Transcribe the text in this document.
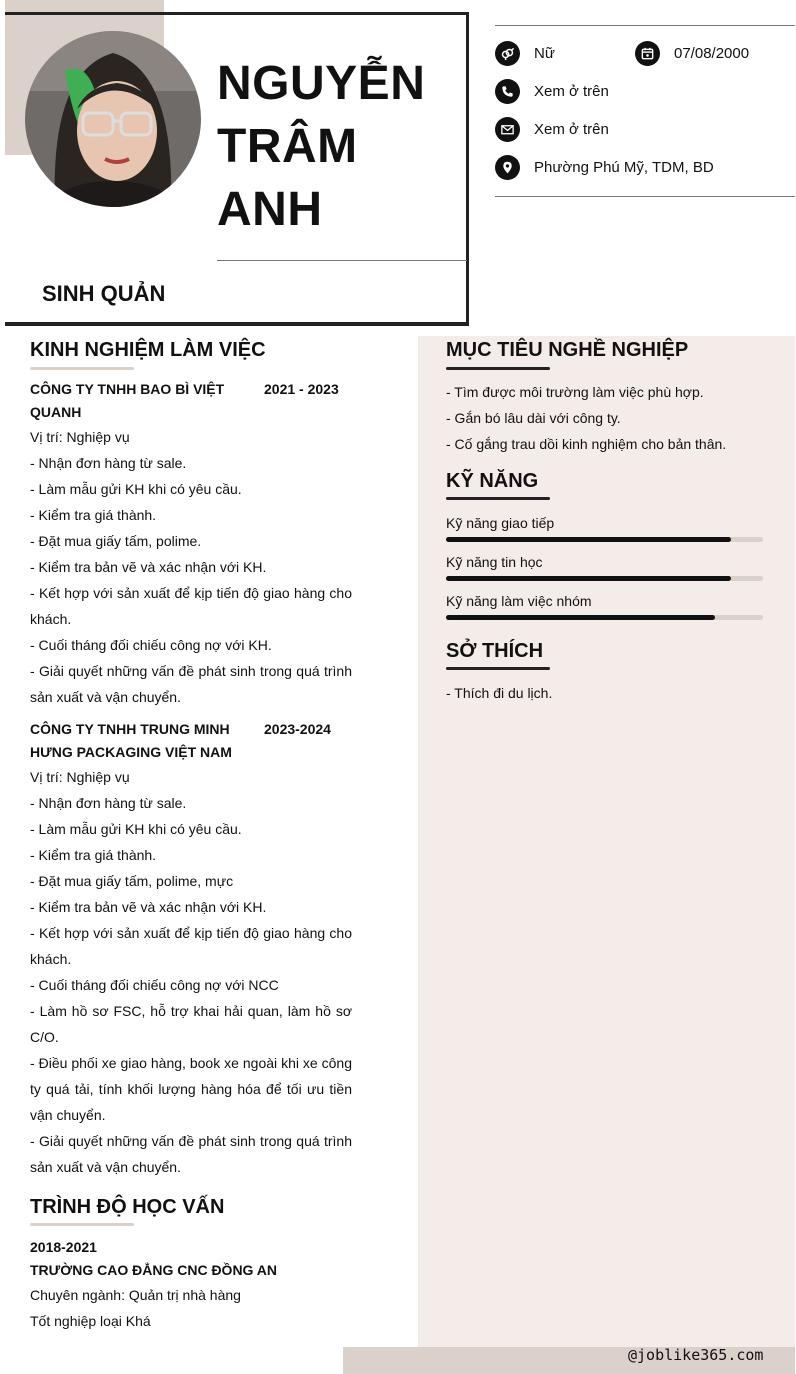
NGUYỄN TRÂM ANH
SINH QUẢN
Nữ	07/08/2000
Xem ở trên
Xem ở trên
Phường Phú Mỹ, TDM, BD
KINH NGHIỆM LÀM VIỆC
CÔNG TY TNHH BAO BÌ VIỆT QUANH
2021 - 2023
Vị trí: Nghiệp vụ
- Nhận đơn hàng từ sale.
- Làm mẫu gửi KH khi có yêu cầu.
- Kiểm tra giá thành.
- Đặt mua giấy tấm, polime.
- Kiểm tra bản vẽ và xác nhận với KH.
- Kết hợp với sản xuất để kịp tiến độ giao hàng cho khách.
- Cuối tháng đối chiếu công nợ với KH.
- Giải quyết những vấn đề phát sinh trong quá trình sản xuất và vận chuyển.
CÔNG TY TNHH TRUNG MINH HƯNG PACKAGING VIỆT NAM
2023-2024
Vị trí: Nghiệp vụ
- Nhận đơn hàng từ sale.
- Làm mẫu gửi KH khi có yêu cầu.
- Kiểm tra giá thành.
- Đặt mua giấy tấm, polime, mực
- Kiểm tra bản vẽ và xác nhận với KH.
- Kết hợp với sản xuất để kịp tiến độ giao hàng cho khách.
- Cuối tháng đối chiếu công nợ với NCC
- Làm hồ sơ FSC, hỗ trợ khai hải quan, làm hồ sơ C/O.
- Điều phối xe giao hàng, book xe ngoài khi xe công ty quá tải, tính khối lượng hàng hóa để tối ưu tiền vận chuyển.
- Giải quyết những vấn đề phát sinh trong quá trình sản xuất và vận chuyển.
TRÌNH ĐỘ HỌC VẤN
2018-2021
TRƯỜNG CAO ĐẲNG CNC ĐỒNG AN
Chuyên ngành: Quản trị nhà hàng
Tốt nghiệp loại Khá
MỤC TIÊU NGHỀ NGHIỆP
- Tìm được môi trường làm việc phù hợp.
- Gắn bó lâu dài với công ty.
- Cố gắng trau dồi kinh nghiệm cho bản thân.
KỸ NĂNG
Kỹ năng giao tiếp
Kỹ năng tin học
Kỹ năng làm việc nhóm
SỞ THÍCH
- Thích đi du lịch.
@joblike365.com
